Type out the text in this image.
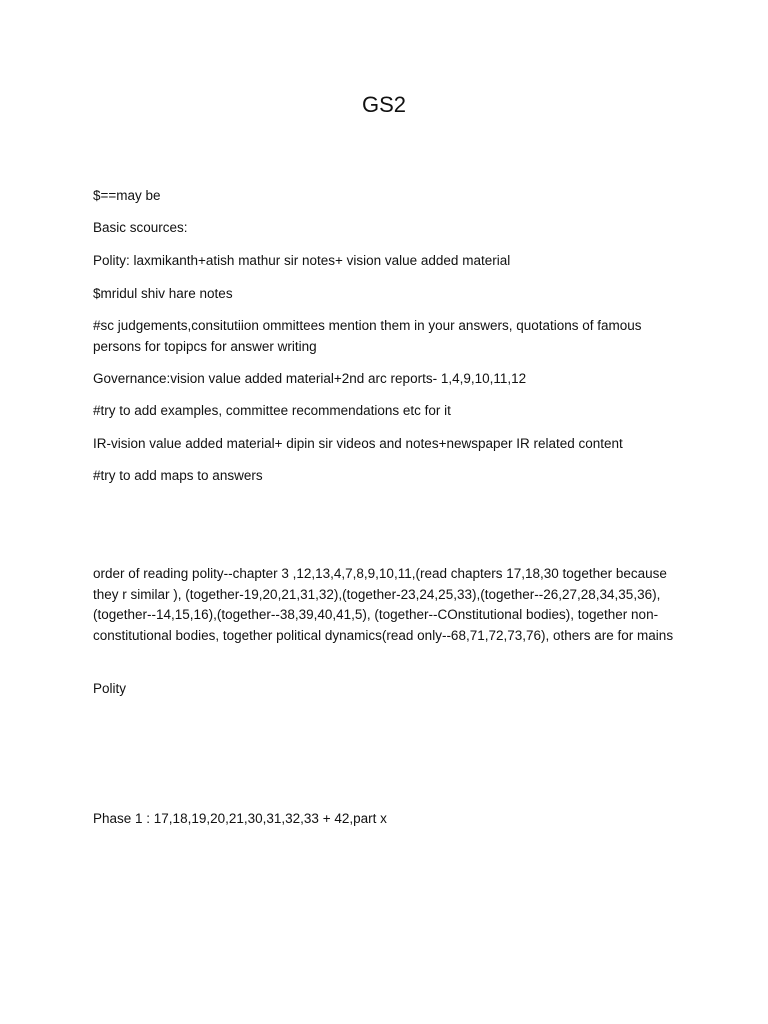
GS2

$==may be

Basic scources:

Polity: laxmikanth+atish mathur sir notes+ vision value added material

$mridul shiv hare notes

#sc judgements,consitutiion ommittees mention them in your answers, quotations of famous persons for topipcs for answer writing

Governance:vision value added material+2nd arc reports- 1,4,9,10,11,12

#try to add examples, committee recommendations etc for it

IR-vision value added material+ dipin sir videos and notes+newspaper IR related content

#try to add maps to answers

order of reading polity--chapter 3 ,12,13,4,7,8,9,10,11,(read chapters 17,18,30 together because they r similar ), (together-19,20,21,31,32),(together-23,24,25,33),(together--26,27,28,34,35,36),(together--14,15,16),(together--38,39,40,41,5), (together--COnstitutional bodies), together non-constitutional bodies, together political dynamics(read only--68,71,72,73,76), others are for mains

Polity

Phase 1 : 17,18,19,20,21,30,31,32,33 + 42,part x
